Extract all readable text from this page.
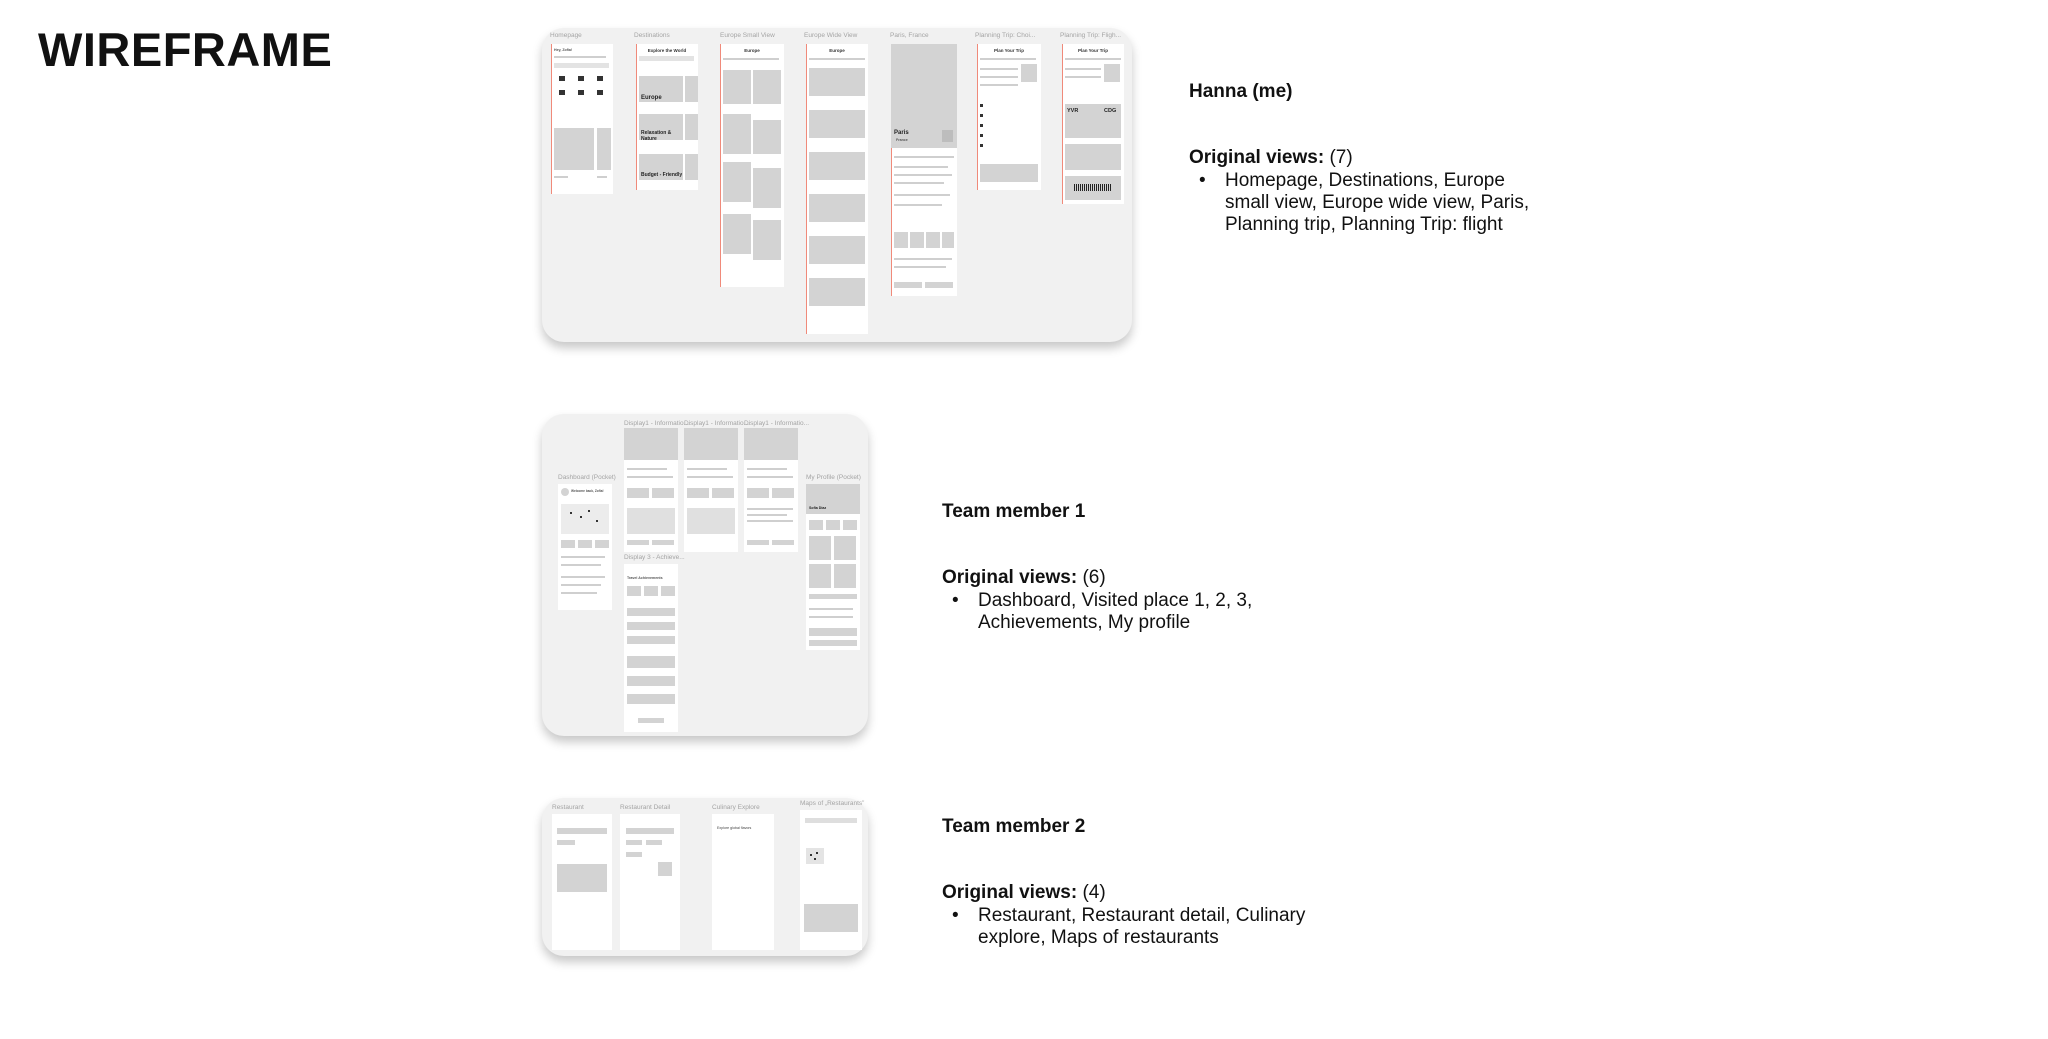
WIREFRAME	Homepage	Destinations	Europe Small View	Europe Wide View	Paris, France	Planning Trip: Choi...	Planning Trip: Fligh...
Hey, Zofia!	Explore the World
Europe
Relaxation & Nature
Budget - Friendly
Europe	Europe
Paris
France
Plan Your Trip	Plan Your Trip
YVR	CDG
Dashboard (Pocket)
Display1 - Informatio...
Display1 - Informatio...
Display1 - Informatio...
Display 3 - Achieve...
My Profile (Pocket)
Welcome back, Zofia!
Travel Achievements
Sofia Diaz
Restaurant	Restaurant Detail	Culinary Explore
Maps of „Restaurants”
Explore global flavors
Hanna (me)

Original views: (7)

• Homepage, Destinations, Europe small view, Europe wide view, Paris, Planning trip, Planning Trip: flight
Team member 1

Original views: (6)

• Dashboard, Visited place 1, 2, 3, Achievements, My profile
Team member 2

Original views: (4)

• Restaurant, Restaurant detail, Culinary explore, Maps of restaurants
